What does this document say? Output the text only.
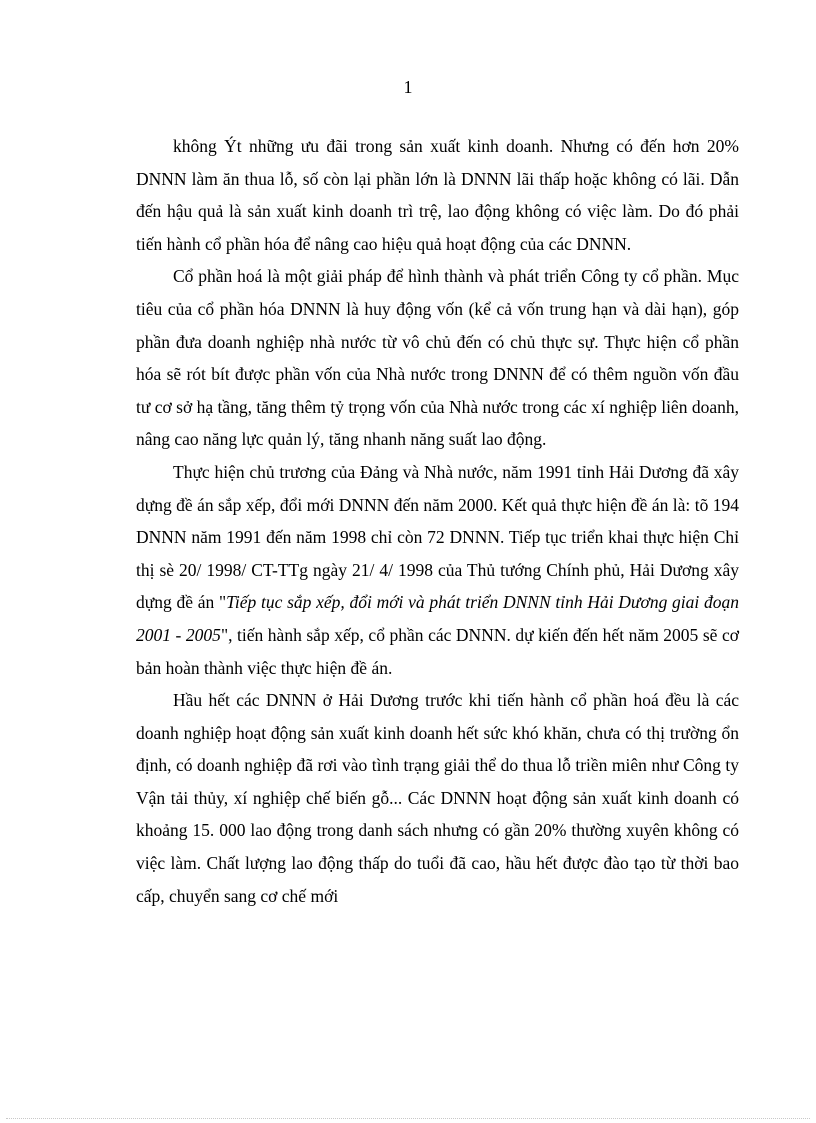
1

không Ýt những ưu đãi trong sản xuất kinh doanh. Nhưng có đến hơn 20% DNNN làm ăn thua lỗ, số còn lại phần lớn là DNNN lãi thấp hoặc không có lãi. Dẫn đến hậu quả là sản xuất kinh doanh trì trệ, lao động không có việc làm. Do đó phải tiến hành cổ phần hóa để nâng cao hiệu quả hoạt động của các DNNN.

Cổ phần hoá là một giải pháp để hình thành và phát triển Công ty cổ phần. Mục tiêu của cổ phần hóa DNNN là huy động vốn (kể cả vốn trung hạn và dài hạn), góp phần đưa doanh nghiệp nhà nước từ vô chủ đến có chủ thực sự. Thực hiện cổ phần hóa sẽ rót bít được phần vốn của Nhà nước trong DNNN để có thêm nguồn vốn đầu tư cơ sở hạ tầng, tăng thêm tỷ trọng vốn của Nhà nước trong các xí nghiệp liên doanh, nâng cao năng lực quản lý, tăng nhanh năng suất lao động.

Thực hiện chủ trương của Đảng và Nhà nước, năm 1991 tỉnh Hải Dương đã xây dựng đề án sắp xếp, đổi mới DNNN đến năm 2000. Kết quả thực hiện đề án là: tõ 194 DNNN năm 1991 đến năm 1998 chỉ còn 72 DNNN. Tiếp tục triển khai thực hiện Chỉ thị sè 20/ 1998/ CT-TTg ngày 21/ 4/ 1998 của Thủ tướng Chính phủ, Hải Dương xây dựng đề án "Tiếp tục sắp xếp, đổi mới và phát triển DNNN tỉnh Hải Dương giai đoạn 2001 - 2005", tiến hành sắp xếp, cổ phần các DNNN. dự kiến đến hết năm 2005 sẽ cơ bản hoàn thành việc thực hiện đề án.

Hầu hết các DNNN ở Hải Dương trước khi tiến hành cổ phần hoá đều là các doanh nghiệp hoạt động sản xuất kinh doanh hết sức khó khăn, chưa có thị trường ổn định, có doanh nghiệp đã rơi vào tình trạng giải thể do thua lỗ triền miên như Công ty Vận tải thủy, xí nghiệp chế biến gỗ... Các DNNN hoạt động sản xuất kinh doanh có khoảng 15. 000 lao động trong danh sách nhưng có gần 20% thường xuyên không có việc làm. Chất lượng lao động thấp do tuổi đã cao, hầu hết được đào tạo từ thời bao cấp, chuyển sang cơ chế mới
